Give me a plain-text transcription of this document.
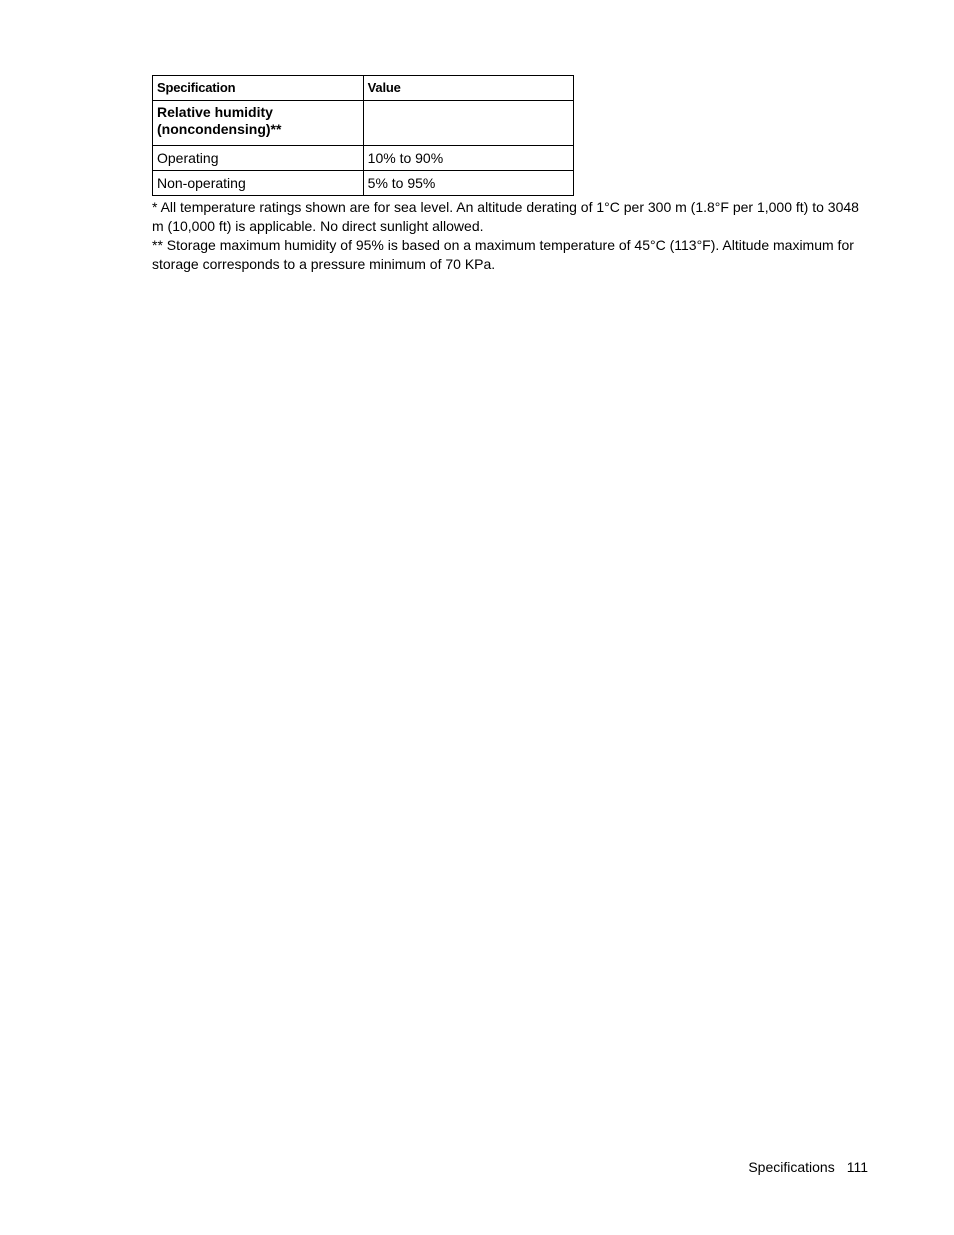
Specification	Value
Relative humidity (noncondensing)**	
Operating	10% to 90%
Non-operating	5% to 95%

* All temperature ratings shown are for sea level. An altitude derating of 1°C per 300 m (1.8°F per 1,000 ft) to 3048 m (10,000 ft) is applicable. No direct sunlight allowed.

** Storage maximum humidity of 95% is based on a maximum temperature of 45°C (113°F). Altitude maximum for storage corresponds to a pressure minimum of 70 KPa.

Specifications 111
